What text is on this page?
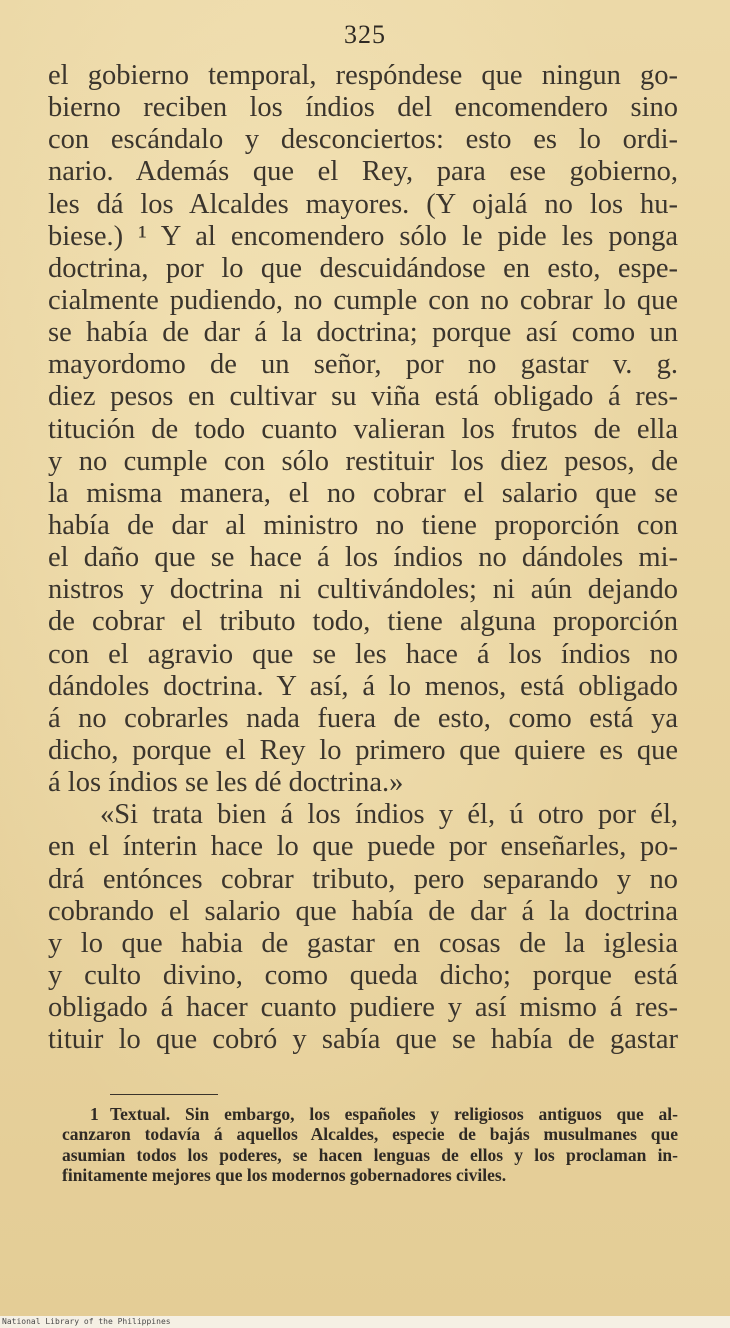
325
el gobierno temporal, respóndese que ningun go-
bierno reciben los índios del encomendero sino
con escándalo y desconciertos: esto es lo ordi-
nario. Además que el Rey, para ese gobierno,
les dá los Alcaldes mayores. (Y ojalá no los hu-
biese.) ¹ Y al encomendero sólo le pide les ponga
doctrina, por lo que descuidándose en esto, espe-
cialmente pudiendo, no cumple con no cobrar lo que
se había de dar á la doctrina; porque así como un
mayordomo de un señor, por no gastar v. g.
diez pesos en cultivar su viña está obligado á res-
titución de todo cuanto valieran los frutos de ella
y no cumple con sólo restituir los diez pesos, de
la misma manera, el no cobrar el salario que se
había de dar al ministro no tiene proporción con
el daño que se hace á los índios no dándoles mi-
nistros y doctrina ni cultivándoles; ni aún dejando
de cobrar el tributo todo, tiene alguna proporción
con el agravio que se les hace á los índios no
dándoles doctrina. Y así, á lo menos, está obligado
á no cobrarles nada fuera de esto, como está ya
dicho, porque el Rey lo primero que quiere es que
á los índios se les dé doctrina.»
«Si trata bien á los índios y él, ú otro por él,
en el ínterin hace lo que puede por enseñarles, po-
drá entónces cobrar tributo, pero separando y no
cobrando el salario que había de dar á la doctrina
y lo que habia de gastar en cosas de la iglesia
y culto divino, como queda dicho; porque está
obligado á hacer cuanto pudiere y así mismo á res-
tituir lo que cobró y sabía que se había de gastar
1 Textual. Sin embargo, los españoles y religiosos antiguos que al-
canzaron todavía á aquellos Alcaldes, especie de bajás musulmanes que
asumian todos los poderes, se hacen lenguas de ellos y los proclaman in-
finitamente mejores que los modernos gobernadores civiles.
National Library of the Philippines
